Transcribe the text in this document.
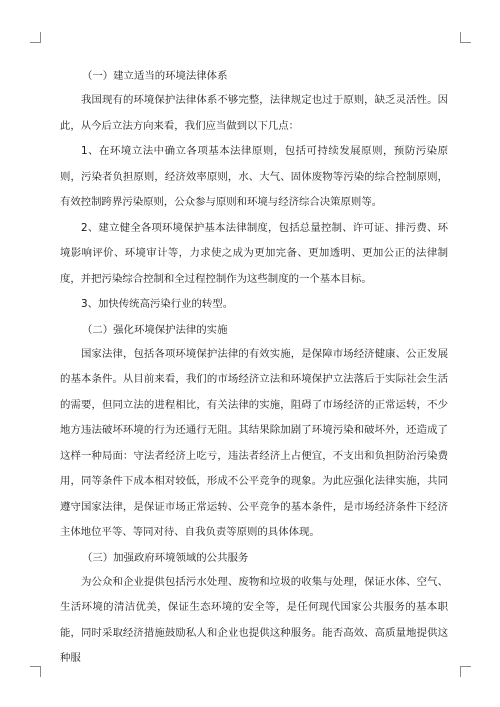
（一）建立适当的环境法律体系

我国现有的环境保护法律体系不够完整，法律规定也过于原则，缺乏灵活性。因此，从今后立法方向来看，我们应当做到以下几点：

1、在环境立法中确立各项基本法律原则，包括可持续发展原则，预防污染原则，污染者负担原则，经济效率原则，水、大气、固体废物等污染的综合控制原则，有效控制跨界污染原则，公众参与原则和环境与经济综合决策原则等。

2、建立健全各项环境保护基本法律制度，包括总量控制、许可证、排污费、环境影响评价、环境审计等，力求使之成为更加完备、更加透明、更加公正的法律制度，并把污染综合控制和全过程控制作为这些制度的一个基本目标。

3、加快传统高污染行业的转型。

（二）强化环境保护法律的实施

国家法律，包括各项环境保护法律的有效实施，是保障市场经济健康、公正发展的基本条件。从目前来看，我们的市场经济立法和环境保护立法落后于实际社会生活的需要，但同立法的进程相比，有关法律的实施，阻碍了市场经济的正常运转，不少地方违法破坏环境的行为还通行无阻。其结果除加剧了环境污染和破坏外，还造成了这样一种局面：守法者经济上吃亏，违法者经济上占便宜，不支出和负担防治污染费用，同等条件下成本相对较低，形成不公平竞争的现象。为此应强化法律实施，共同遵守国家法律，是保证市场正常运转、公平竞争的基本条件，是市场经济条件下经济主体地位平等、等同对待、自我负责等原则的具体体现。

（三）加强政府环境领域的公共服务

为公众和企业提供包括污水处理、废物和垃圾的收集与处理，保证水体、空气、生活环境的清洁优美，保证生态环境的安全等，是任何现代国家公共服务的基本职能，同时采取经济措施鼓励私人和企业也提供这种服务。能否高效、高质量地提供这种服
